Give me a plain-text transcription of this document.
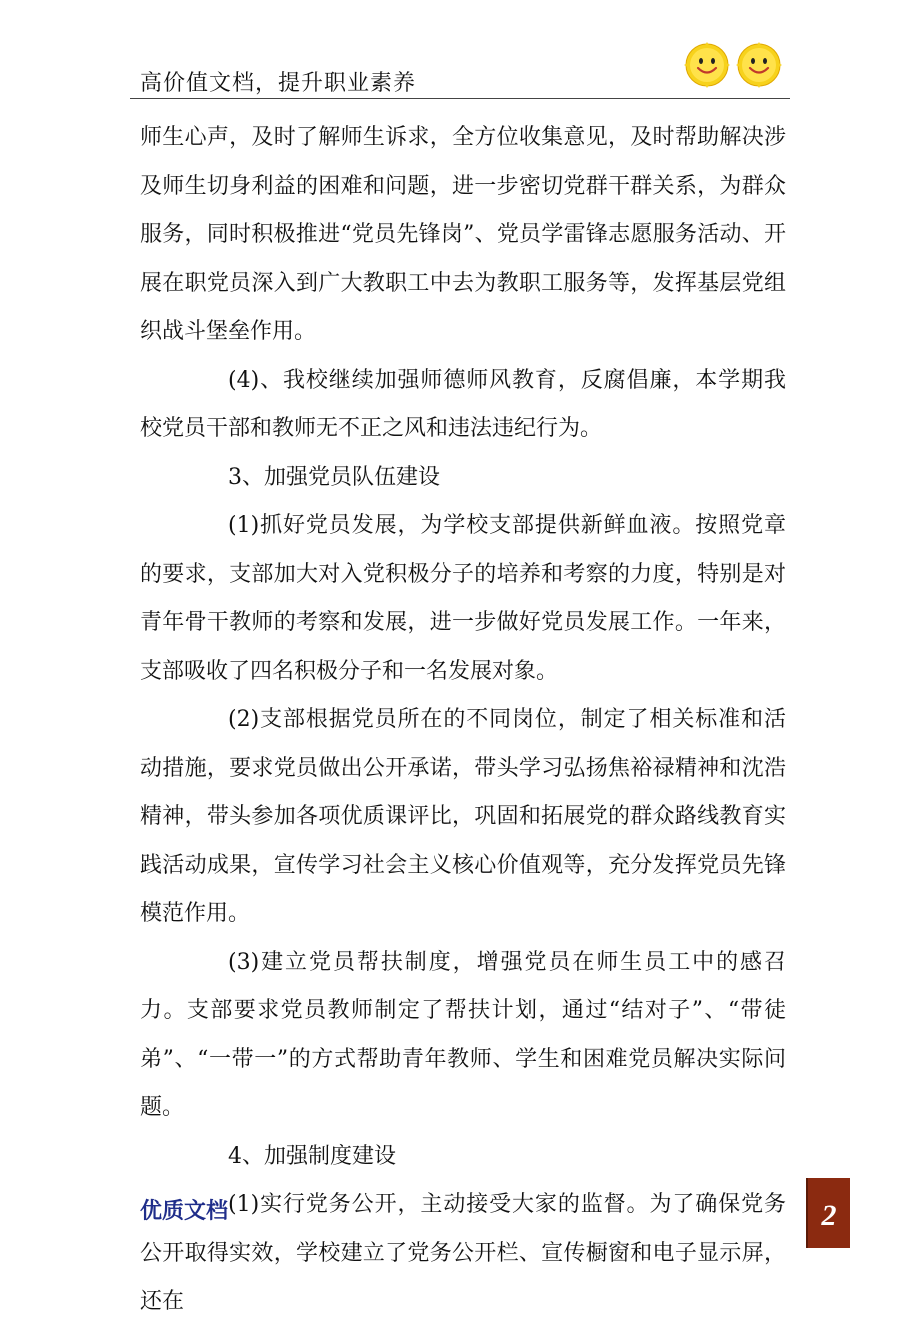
高价值文档，提升职业素养

师生心声，及时了解师生诉求，全方位收集意见，及时帮助解决涉及师生切身利益的困难和问题，进一步密切党群干群关系，为群众服务，同时积极推进“党员先锋岗”、党员学雷锋志愿服务活动、开展在职党员深入到广大教职工中去为教职工服务等，发挥基层党组织战斗堡垒作用。

(4)、我校继续加强师德师风教育，反腐倡廉，本学期我校党员干部和教师无不正之风和违法违纪行为。

3、加强党员队伍建设

(1)抓好党员发展，为学校支部提供新鲜血液。按照党章的要求，支部加大对入党积极分子的培养和考察的力度，特别是对青年骨干教师的考察和发展，进一步做好党员发展工作。一年来，支部吸收了四名积极分子和一名发展对象。

(2)支部根据党员所在的不同岗位，制定了相关标准和活动措施，要求党员做出公开承诺，带头学习弘扬焦裕禄精神和沈浩精神，带头参加各项优质课评比，巩固和拓展党的群众路线教育实践活动成果，宣传学习社会主义核心价值观等，充分发挥党员先锋模范作用。

(3)建立党员帮扶制度，增强党员在师生员工中的感召力。支部要求党员教师制定了帮扶计划，通过“结对子”、“带徒弟”、“一带一”的方式帮助青年教师、学生和困难党员解决实际问题。

4、加强制度建设

(1)实行党务公开，主动接受大家的监督。为了确保党务公开取得实效，学校建立了党务公开栏、宣传橱窗和电子显示屏，还在

优质文档	2
